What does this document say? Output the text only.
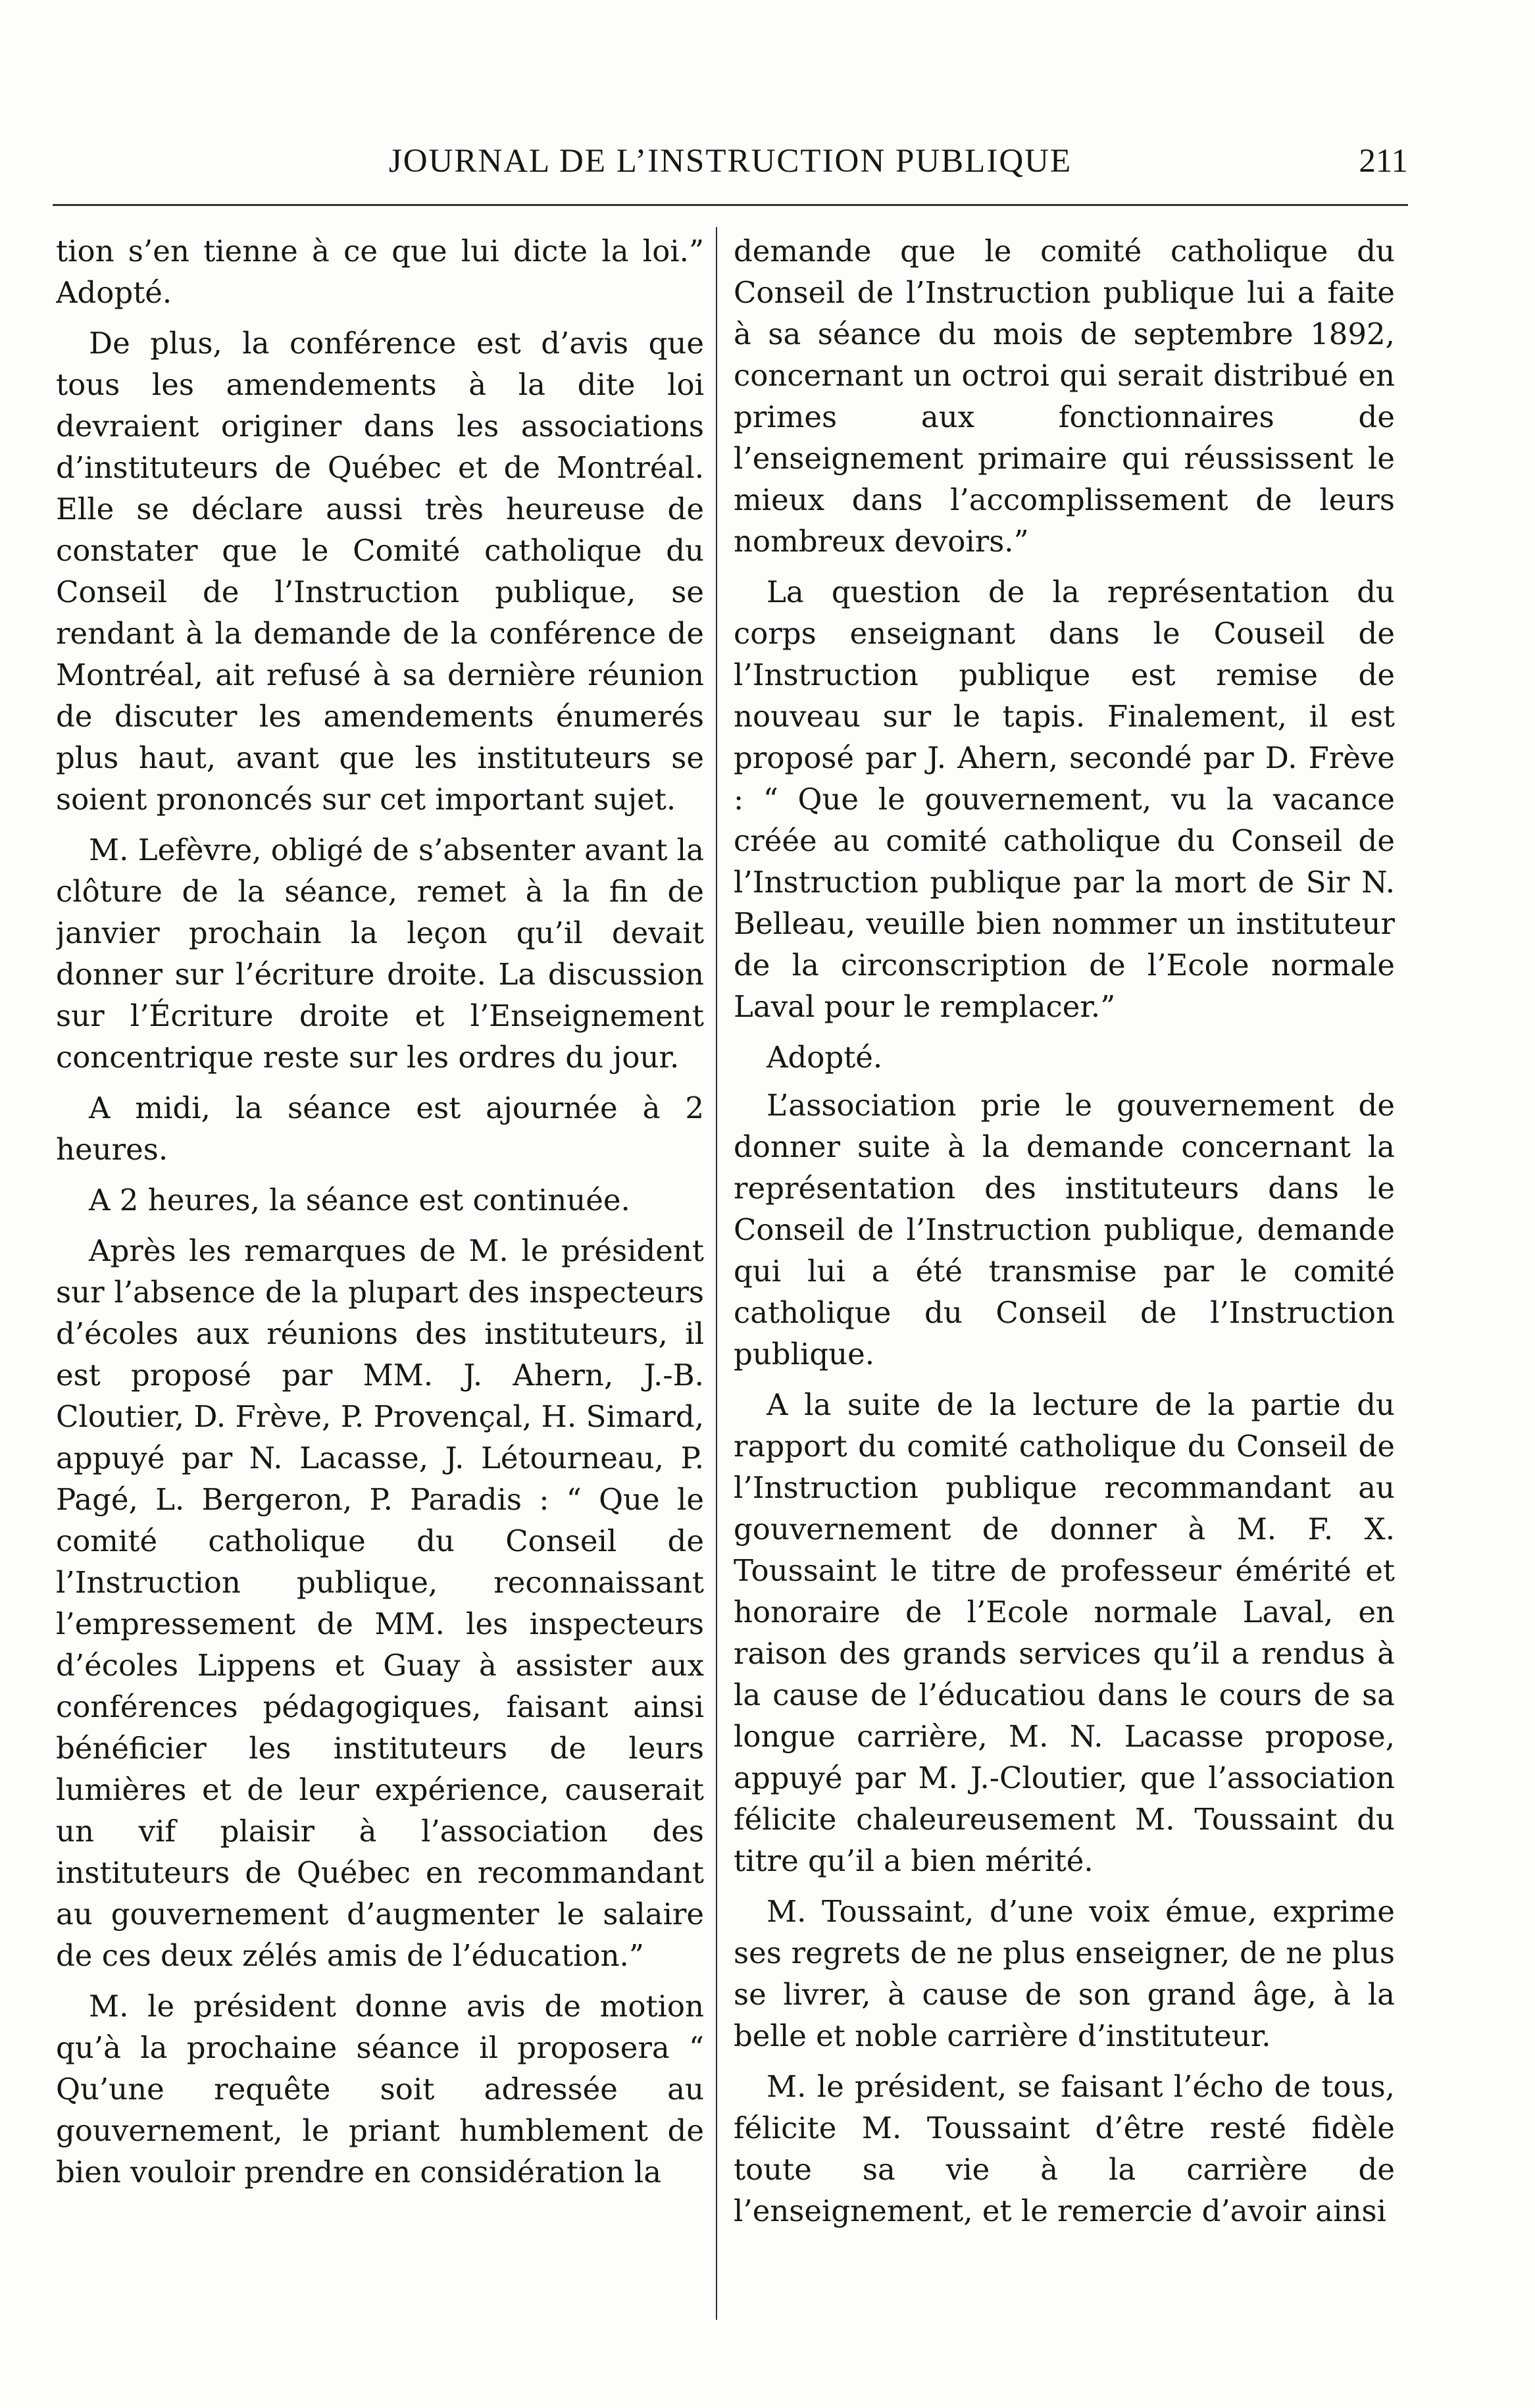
JOURNAL DE L’INSTRUCTION PUBLIQUE	211

tion s’en tienne à ce que lui dicte la loi.” Adopté.

De plus, la conférence est d’avis que tous les amendements à la dite loi devraient originer dans les associations d’instituteurs de Québec et de Montréal. Elle se déclare aussi très heureuse de constater que le Comité catholique du Conseil de l’Instruction publique, se rendant à la demande de la conférence de Montréal, ait refusé à sa dernière réunion de discuter les amendements énumerés plus haut, avant que les instituteurs se soient prononcés sur cet important sujet.

M. Lefèvre, obligé de s’absenter avant la clôture de la séance, remet à la fin de janvier prochain la leçon qu’il devait donner sur l’écriture droite. La discussion sur l’Écriture droite et l’Enseignement concentrique reste sur les ordres du jour.

A midi, la séance est ajournée à 2 heures.

A 2 heures, la séance est continuée.

Après les remarques de M. le président sur l’absence de la plupart des inspecteurs d’écoles aux réunions des instituteurs, il est proposé par MM. J. Ahern, J.-B. Cloutier, D. Frève, P. Provençal, H. Simard, appuyé par N. Lacasse, J. Létourneau, P. Pagé, L. Bergeron, P. Paradis : “ Que le comité catholique du Conseil de l’Instruction publique, reconnaissant l’empressement de MM. les inspecteurs d’écoles Lippens et Guay à assister aux conférences pédagogiques, faisant ainsi bénéficier les instituteurs de leurs lumières et de leur expérience, causerait un vif plaisir à l’association des instituteurs de Québec en recommandant au gouvernement d’augmenter le salaire de ces deux zélés amis de l’éducation.”

M. le président donne avis de motion qu’à la prochaine séance il proposera “ Qu’une requête soit adressée au gouvernement, le priant humblement de bien vouloir prendre en considération la

demande que le comité catholique du Conseil de l’Instruction publique lui a faite à sa séance du mois de septembre 1892, concernant un octroi qui serait distribué en primes aux fonctionnaires de l’enseignement primaire qui réussissent le mieux dans l’accomplissement de leurs nombreux devoirs.”

La question de la représentation du corps enseignant dans le Couseil de l’Instruction publique est remise de nouveau sur le tapis. Finalement, il est proposé par J. Ahern, secondé par D. Frève : “ Que le gouvernement, vu la vacance créée au comité catholique du Conseil de l’Instruction publique par la mort de Sir N. Belleau, veuille bien nommer un instituteur de la circonscription de l’Ecole normale Laval pour le remplacer.”

Adopté.

L’association prie le gouvernement de donner suite à la demande concernant la représentation des instituteurs dans le Conseil de l’Instruction publique, demande qui lui a été transmise par le comité catholique du Conseil de l’Instruction publique.

A la suite de la lecture de la partie du rapport du comité catholique du Conseil de l’Instruction publique recommandant au gouvernement de donner à M. F. X. Toussaint le titre de professeur émérité et honoraire de l’Ecole normale Laval, en raison des grands services qu’il a rendus à la cause de l’éducatiou dans le cours de sa longue carrière, M. N. Lacasse propose, appuyé par M. J.-Cloutier, que l’association félicite chaleureusement M. Toussaint du titre qu’il a bien mérité.

M. Toussaint, d’une voix émue, exprime ses regrets de ne plus enseigner, de ne plus se livrer, à cause de son grand âge, à la belle et noble carrière d’instituteur.

M. le président, se faisant l’écho de tous, félicite M. Toussaint d’être resté fidèle toute sa vie à la carrière de l’enseignement, et le remercie d’avoir ainsi
